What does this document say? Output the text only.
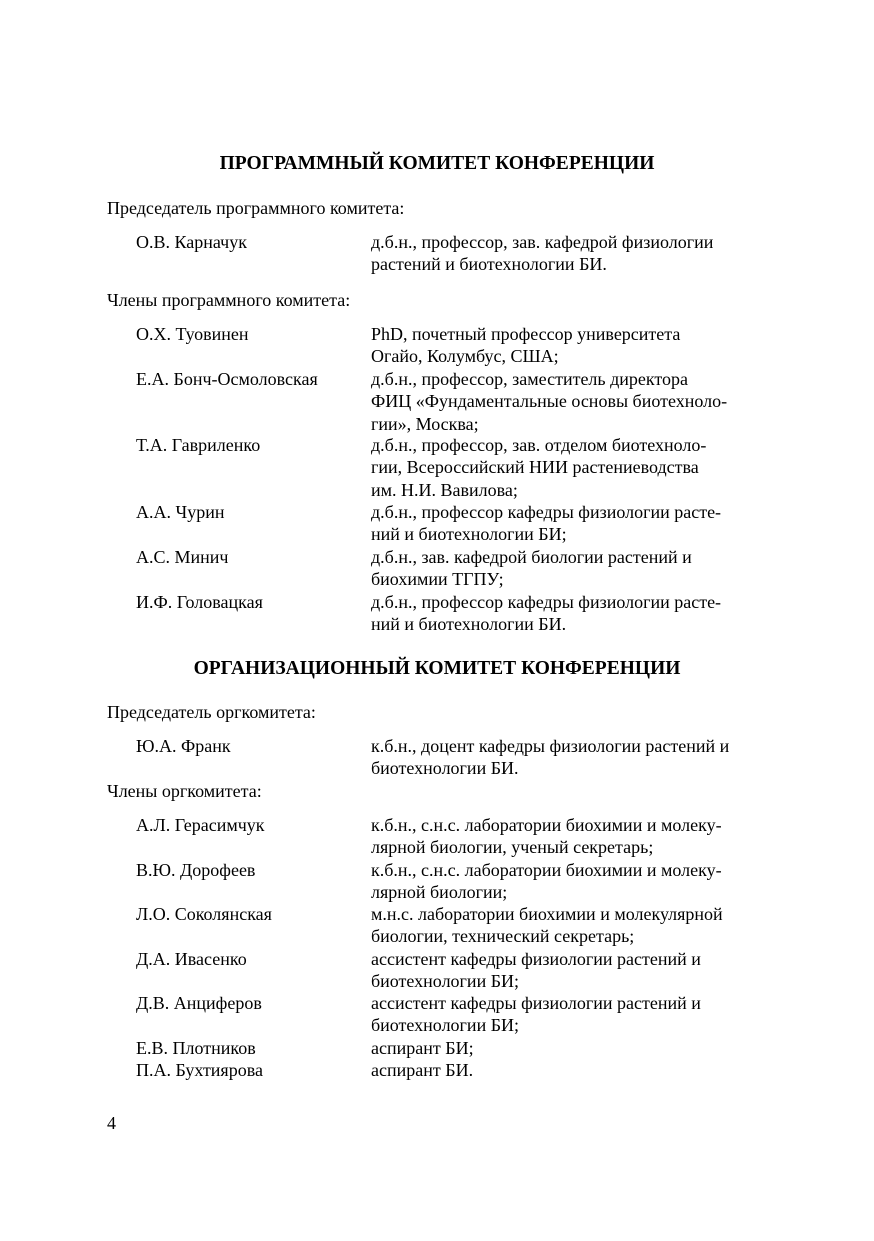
ПРОГРАММНЫЙ КОМИТЕТ КОНФЕРЕНЦИИ

Председатель программного комитета:

О.В. Карначук	д.б.н., профессор, зав. кафедрой физиологии
растений и биотехнологии БИ.

Члены программного комитета:

О.Х. Туовинен	PhD, почетный профессор университета
Огайо, Колумбус, США;
Е.А. Бонч-Осмоловская	д.б.н., профессор, заместитель директора
ФИЦ «Фундаментальные основы биотехноло-
гии», Москва;
Т.А. Гавриленко	д.б.н., профессор, зав. отделом биотехноло-
гии, Всероссийский НИИ растениеводства
им. Н.И. Вавилова;
А.А. Чурин	д.б.н., профессор кафедры физиологии расте-
ний и биотехнологии БИ;
А.С. Минич	д.б.н., зав. кафедрой биологии растений и
биохимии ТГПУ;
И.Ф. Головацкая	д.б.н., профессор кафедры физиологии расте-
ний и биотехнологии БИ.
ОРГАНИЗАЦИОННЫЙ КОМИТЕТ КОНФЕРЕНЦИИ

Председатель оргкомитета:

Ю.А. Франк	к.б.н., доцент кафедры физиологии растений и
биотехнологии БИ.

Члены оргкомитета:

А.Л. Герасимчук	к.б.н., с.н.с. лаборатории биохимии и молеку-
лярной биологии, ученый секретарь;
В.Ю. Дорофеев	к.б.н., с.н.с. лаборатории биохимии и молеку-
лярной биологии;
Л.О. Соколянская	м.н.с. лаборатории биохимии и молекулярной
биологии, технический секретарь;
Д.А. Ивасенко	ассистент кафедры физиологии растений и
биотехнологии БИ;
Д.В. Анциферов	ассистент кафедры физиологии растений и
биотехнологии БИ;
Е.В. Плотников	аспирант БИ;
П.А. Бухтиярова	аспирант БИ.
4
